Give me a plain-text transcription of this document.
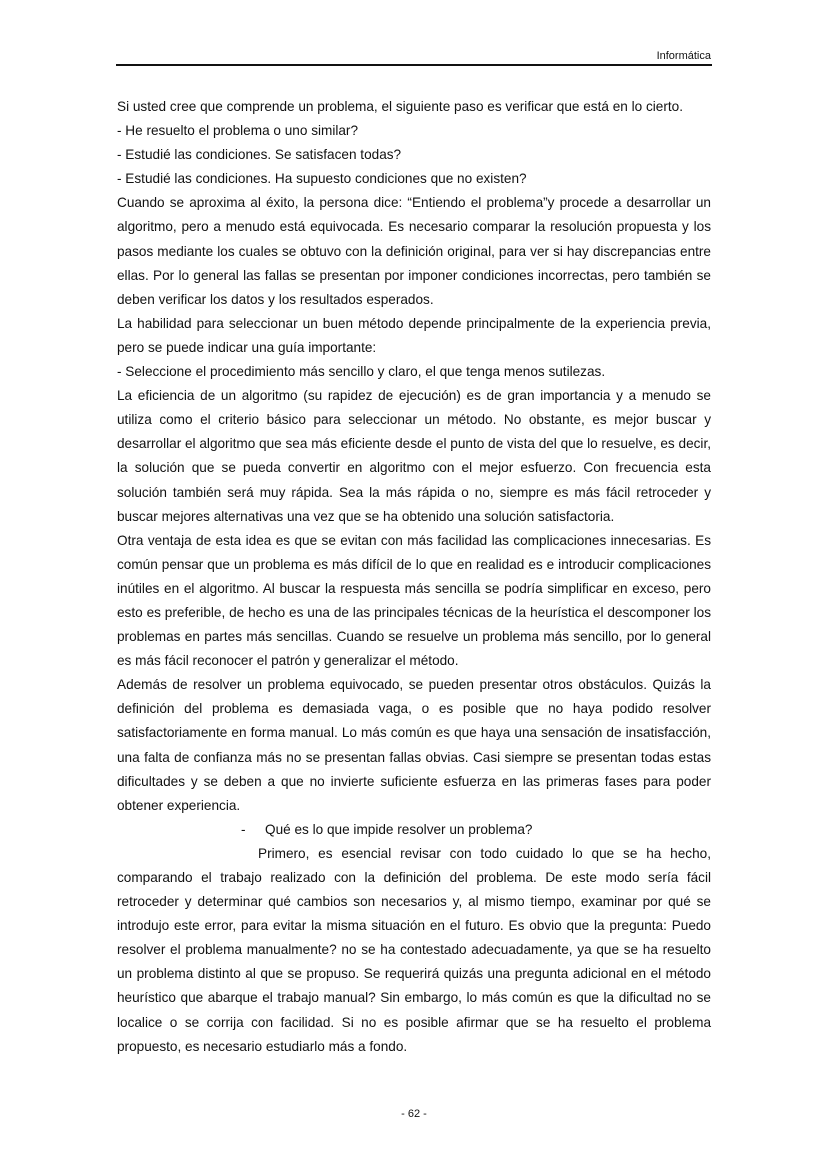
Informática

Si usted cree que comprende un problema, el siguiente paso es verificar que está en lo cierto.

- He resuelto el problema o uno similar?

- Estudié las condiciones. Se satisfacen todas?

- Estudié las condiciones. Ha supuesto condiciones que no existen?

Cuando se aproxima al éxito, la persona dice: “Entiendo el problema”y procede a desarrollar un algoritmo, pero a menudo está equivocada. Es necesario comparar la resolución propuesta y los pasos mediante los cuales se obtuvo con la definición original, para ver si hay discrepancias entre ellas. Por lo general las fallas se presentan por imponer condiciones incorrectas, pero también se deben verificar los datos y los resultados esperados.

La habilidad para seleccionar un buen método depende principalmente de la experiencia previa, pero se puede indicar una guía importante:

- Seleccione el procedimiento más sencillo y claro, el que tenga menos sutilezas.

La eficiencia de un algoritmo (su rapidez de ejecución) es de gran importancia y a menudo se utiliza como el criterio básico para seleccionar un método. No obstante, es mejor buscar y desarrollar el algoritmo que sea más eficiente desde el punto de vista del que lo resuelve, es decir, la solución que se pueda convertir en algoritmo con el mejor esfuerzo. Con frecuencia esta solución también será muy rápida. Sea la más rápida o no, siempre es más fácil retroceder y buscar mejores alternativas una vez que se ha obtenido una solución satisfactoria.

Otra ventaja de esta idea es que se evitan con más facilidad las complicaciones innecesarias. Es común pensar que un problema es más difícil de lo que en realidad es e introducir complicaciones inútiles en el algoritmo. Al buscar la respuesta más sencilla se podría simplificar en exceso, pero esto es preferible, de hecho es una de las principales técnicas de la heurística el descomponer los problemas en partes más sencillas. Cuando se resuelve un problema más sencillo, por lo general es más fácil reconocer el patrón y generalizar el método.

Además de resolver un problema equivocado, se pueden presentar otros obstáculos. Quizás la definición del problema es demasiada vaga, o es posible que no haya podido resolver satisfactoriamente en forma manual. Lo más común es que haya una sensación de insatisfacción, una falta de confianza más no se presentan fallas obvias. Casi siempre se presentan todas estas dificultades y se deben a que no invierte suficiente esfuerza en las primeras fases para poder obtener experiencia.

- Qué es lo que impide resolver un problema?

Primero, es esencial revisar con todo cuidado lo que se ha hecho, comparando el trabajo realizado con la definición del problema. De este modo sería fácil retroceder y determinar qué cambios son necesarios y, al mismo tiempo, examinar por qué se introdujo este error, para evitar la misma situación en el futuro. Es obvio que la pregunta: Puedo resolver el problema manualmente? no se ha contestado adecuadamente, ya que se ha resuelto un problema distinto al que se propuso. Se requerirá quizás una pregunta adicional en el método heurístico que abarque el trabajo manual? Sin embargo, lo más común es que la dificultad no se localice o se corrija con facilidad. Si no es posible afirmar que se ha resuelto el problema propuesto, es necesario estudiarlo más a fondo.

- 62 -
